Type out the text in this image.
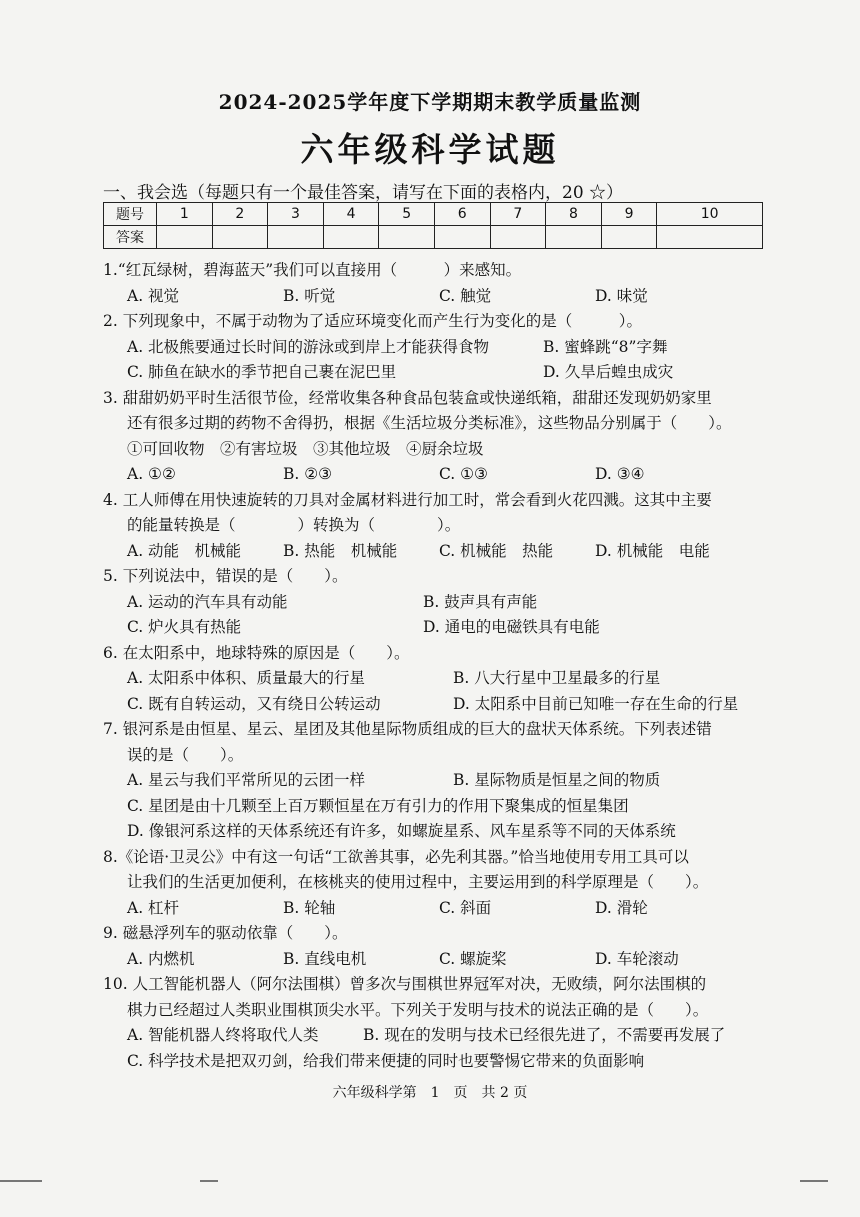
2024-2025学年度下学期期末教学质量监测
六年级科学试题
一、我会选（每题只有一个最佳答案，请写在下面的表格内，20 ☆）
题号	1	2	3	4	5	6	7	8	9	10
答案										

1.“红瓦绿树，碧海蓝天”我们可以直接用（　　　）来感知。

A. 视觉	B. 听觉	C. 触觉	D. 味觉

2. 下列现象中，不属于动物为了适应环境变化而产生行为变化的是（　　　）。

A. 北极熊要通过长时间的游泳或到岸上才能获得食物	B. 蜜蜂跳“8”字舞
C. 肺鱼在缺水的季节把自己裹在泥巴里	D. 久旱后蝗虫成灾

3. 甜甜奶奶平时生活很节俭，经常收集各种食品包装盒或快递纸箱，甜甜还发现奶奶家里

还有很多过期的药物不舍得扔，根据《生活垃圾分类标准》，这些物品分别属于（　　）。

①可回收物　②有害垃圾　③其他垃圾　④厨余垃圾

A. ①②	B. ②③	C. ①③	D. ③④

4. 工人师傅在用快速旋转的刀具对金属材料进行加工时，常会看到火花四溅。这其中主要

的能量转换是（　　　　）转换为（　　　　）。

A. 动能　机械能	B. 热能　机械能	C. 机械能　热能	D. 机械能　电能

5. 下列说法中，错误的是（　　）。

A. 运动的汽车具有动能	B. 鼓声具有声能
C. 炉火具有热能	D. 通电的电磁铁具有电能

6. 在太阳系中，地球特殊的原因是（　　）。

A. 太阳系中体积、质量最大的行星	B. 八大行星中卫星最多的行星
C. 既有自转运动，又有绕日公转运动	D. 太阳系中目前已知唯一存在生命的行星

7. 银河系是由恒星、星云、星团及其他星际物质组成的巨大的盘状天体系统。下列表述错

误的是（　　）。

A. 星云与我们平常所见的云团一样	B. 星际物质是恒星之间的物质

C. 星团是由十几颗至上百万颗恒星在万有引力的作用下聚集成的恒星集团

D. 像银河系这样的天体系统还有许多，如螺旋星系、风车星系等不同的天体系统

8.《论语·卫灵公》中有这一句话“工欲善其事，必先利其器。”恰当地使用专用工具可以

让我们的生活更加便利，在核桃夹的使用过程中，主要运用到的科学原理是（　　）。

A. 杠杆	B. 轮轴	C. 斜面	D. 滑轮

9. 磁悬浮列车的驱动依靠（　　）。

A. 内燃机	B. 直线电机	C. 螺旋桨	D. 车轮滚动

10. 人工智能机器人（阿尔法围棋）曾多次与围棋世界冠军对决，无败绩，阿尔法围棋的

棋力已经超过人类职业围棋顶尖水平。下列关于发明与技术的说法正确的是（　　）。

A. 智能机器人终将取代人类	B. 现在的发明与技术已经很先进了，不需要再发展了

C. 科学技术是把双刃剑，给我们带来便捷的同时也要警惕它带来的负面影响

六年级科学第　1　页　共 2 页
